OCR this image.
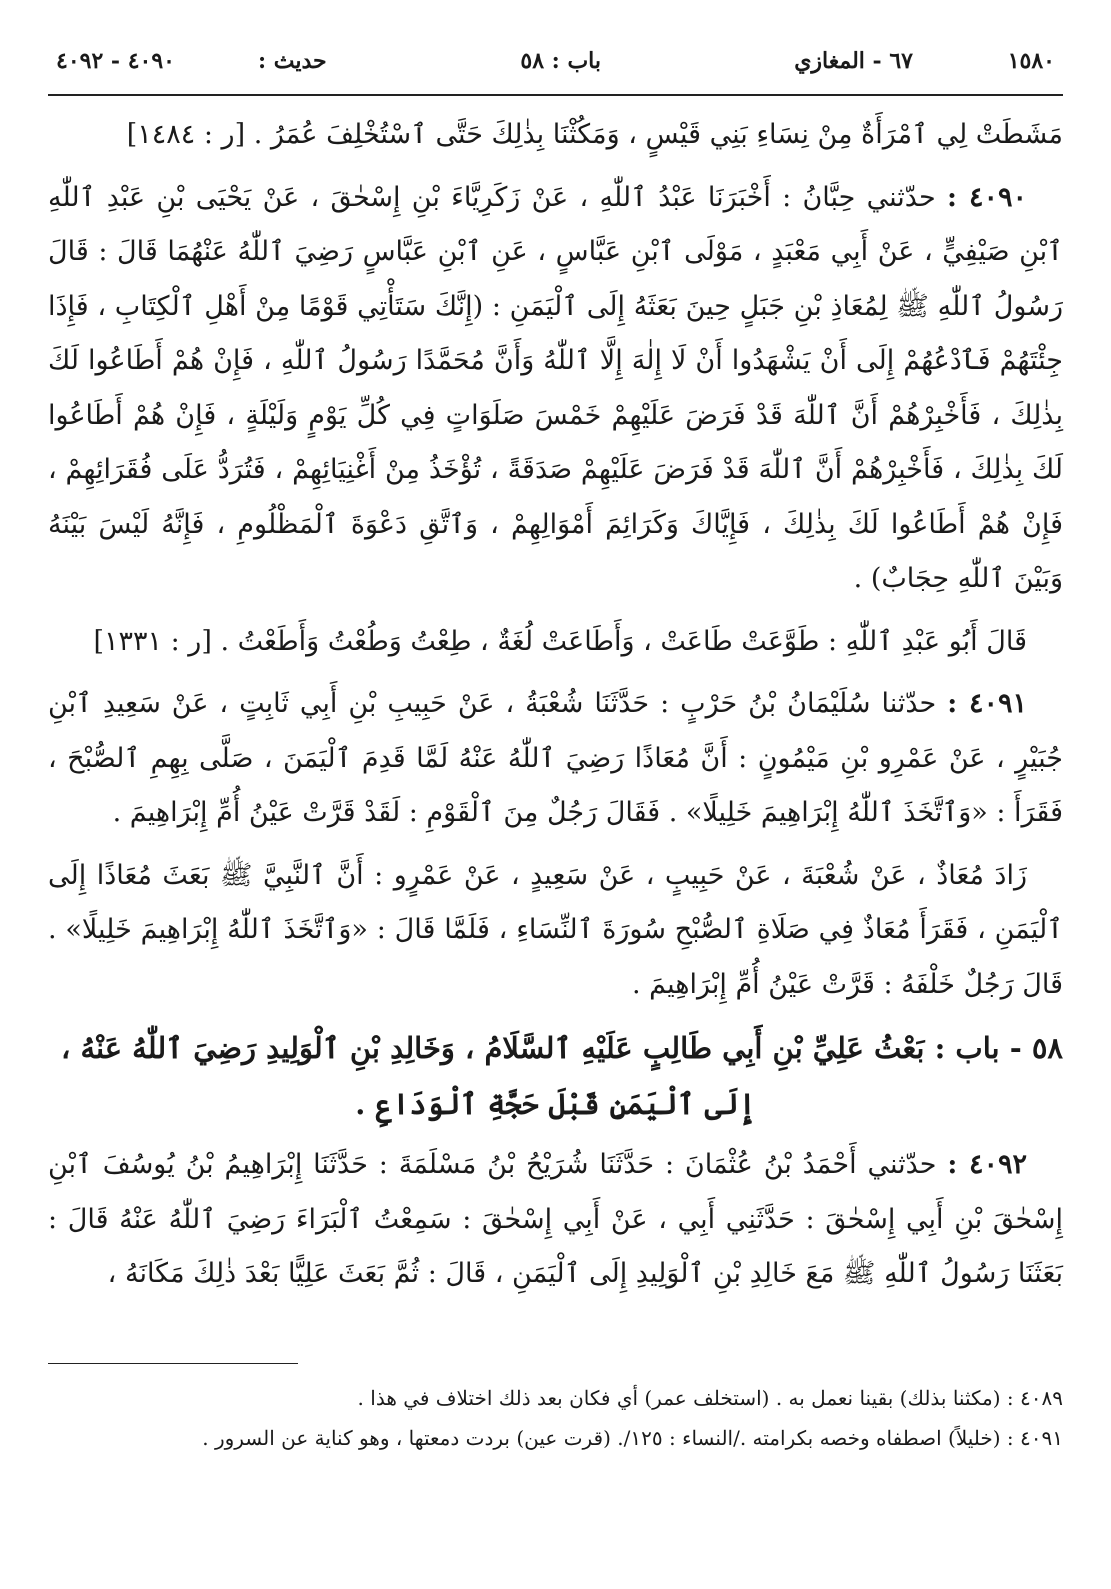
١٥٨٠
٦٧ - المغازي
باب : ٥٨
حديث :
٤٠٩٠ - ٤٠٩٢

مَشَطَتْ لِي ٱمْرَأَةٌ مِنْ نِسَاءِ بَنِي قَيْسٍ ، وَمَكُثْنَا بِذٰلِكَ حَتَّى ٱسْتُخْلِفَ عُمَرُ . [ر : ١٤٨٤]

٤٠٩٠ : حدّثني حِبَّانُ : أَخْبَرَنَا عَبْدُ ٱللّٰهِ ، عَنْ زَكَرِيَّاءَ بْنِ إِسْحٰقَ ، عَنْ يَحْيَى بْنِ عَبْدِ ٱللّٰهِ ٱبْنِ صَيْفِيٍّ ، عَنْ أَبِي مَعْبَدٍ ، مَوْلَى ٱبْنِ عَبَّاسٍ ، عَنِ ٱبْنِ عَبَّاسٍ رَضِيَ ٱللّٰهُ عَنْهُمَا قَالَ : قَالَ رَسُولُ ٱللّٰهِ ﷺ لِمُعَاذِ بْنِ جَبَلٍ حِينَ بَعَثَهُ إِلَى ٱلْيَمَنِ : (إِنَّكَ سَتَأْتِي قَوْمًا مِنْ أَهْلِ ٱلْكِتَابِ ، فَإِذَا جِئْتَهُمْ فَٱدْعُهُمْ إِلَى أَنْ يَشْهَدُوا أَنْ لَا إِلٰهَ إِلَّا ٱللّٰهُ وَأَنَّ مُحَمَّدًا رَسُولُ ٱللّٰهِ ، فَإِنْ هُمْ أَطَاعُوا لَكَ بِذٰلِكَ ، فَأَخْبِرْهُمْ أَنَّ ٱللّٰهَ قَدْ فَرَضَ عَلَيْهِمْ خَمْسَ صَلَوَاتٍ فِي كُلِّ يَوْمٍ وَلَيْلَةٍ ، فَإِنْ هُمْ أَطَاعُوا لَكَ بِذٰلِكَ ، فَأَخْبِرْهُمْ أَنَّ ٱللّٰهَ قَدْ فَرَضَ عَلَيْهِمْ صَدَقَةً ، تُؤْخَذُ مِنْ أَغْنِيَائِهِمْ ، فَتُرَدُّ عَلَى فُقَرَائِهِمْ ، فَإِنْ هُمْ أَطَاعُوا لَكَ بِذٰلِكَ ، فَإِيَّاكَ وَكَرَائِمَ أَمْوَالِهِمْ ، وَٱتَّقِ دَعْوَةَ ٱلْمَظْلُومِ ، فَإِنَّهُ لَيْسَ بَيْنَهُ وَبَيْنَ ٱللّٰهِ حِجَابٌ) .

قَالَ أَبُو عَبْدِ ٱللّٰهِ : طَوَّعَتْ طَاعَتْ ، وَأَطَاعَتْ لُغَةٌ ، طِعْتُ وَطُعْتُ وَأَطَعْتُ . [ر : ١٣٣١]

٤٠٩١ : حدّثنا سُلَيْمَانُ بْنُ حَرْبٍ : حَدَّثَنَا شُعْبَةُ ، عَنْ حَبِيبِ بْنِ أَبِي ثَابِتٍ ، عَنْ سَعِيدِ ٱبْنِ جُبَيْرٍ ، عَنْ عَمْرِو بْنِ مَيْمُونٍ : أَنَّ مُعَاذًا رَضِيَ ٱللّٰهُ عَنْهُ لَمَّا قَدِمَ ٱلْيَمَنَ ، صَلَّى بِهِمِ ٱلصُّبْحَ ، فَقَرَأَ : «وَٱتَّخَذَ ٱللّٰهُ إِبْرَاهِيمَ خَلِيلًا» . فَقَالَ رَجُلٌ مِنَ ٱلْقَوْمِ : لَقَدْ قَرَّتْ عَيْنُ أُمِّ إِبْرَاهِيمَ .

زَادَ مُعَاذٌ ، عَنْ شُعْبَةَ ، عَنْ حَبِيبٍ ، عَنْ سَعِيدٍ ، عَنْ عَمْرٍو : أَنَّ ٱلنَّبِيَّ ﷺ بَعَثَ مُعَاذًا إِلَى ٱلْيَمَنِ ، فَقَرَأَ مُعَاذٌ فِي صَلَاةِ ٱلصُّبْحِ سُورَةَ ٱلنِّسَاءِ ، فَلَمَّا قَالَ : «وَٱتَّخَذَ ٱللّٰهُ إِبْرَاهِيمَ خَلِيلًا» . قَالَ رَجُلٌ خَلْفَهُ : قَرَّتْ عَيْنُ أُمِّ إِبْرَاهِيمَ .

٥٨ - باب : بَعْثُ عَلِيِّ بْنِ أَبِي طَالِبٍ عَلَيْهِ ٱلسَّلَامُ ، وَخَالِدِ بْنِ ٱلْوَلِيدِ رَضِيَ ٱللّٰهُ عَنْهُ ،
إِلَى ٱلْيَمَنِ قَبْلَ حَجَّةِ ٱلْوَدَاعِ .

٤٠٩٢ : حدّثني أَحْمَدُ بْنُ عُثْمَانَ : حَدَّثَنَا شُرَيْحُ بْنُ مَسْلَمَةَ : حَدَّثَنَا إِبْرَاهِيمُ بْنُ يُوسُفَ ٱبْنِ إِسْحٰقَ بْنِ أَبِي إِسْحٰقَ : حَدَّثَنِي أَبِي ، عَنْ أَبِي إِسْحٰقَ : سَمِعْتُ ٱلْبَرَاءَ رَضِيَ ٱللّٰهُ عَنْهُ قَالَ : بَعَثَنَا رَسُولُ ٱللّٰهِ ﷺ مَعَ خَالِدِ بْنِ ٱلْوَلِيدِ إِلَى ٱلْيَمَنِ ، قَالَ : ثُمَّ بَعَثَ عَلِيًّا بَعْدَ ذٰلِكَ مَكَانَهُ ،

٤٠٨٩ : (مكثنا بذلك) بقينا نعمل به . (استخلف عمر) أي فكان بعد ذلك اختلاف في هذا .

٤٠٩١ : (خليلاً) اصطفاه وخصه بكرامته ./النساء : ١٢٥/. (قرت عين) بردت دمعتها ، وهو كناية عن السرور .
